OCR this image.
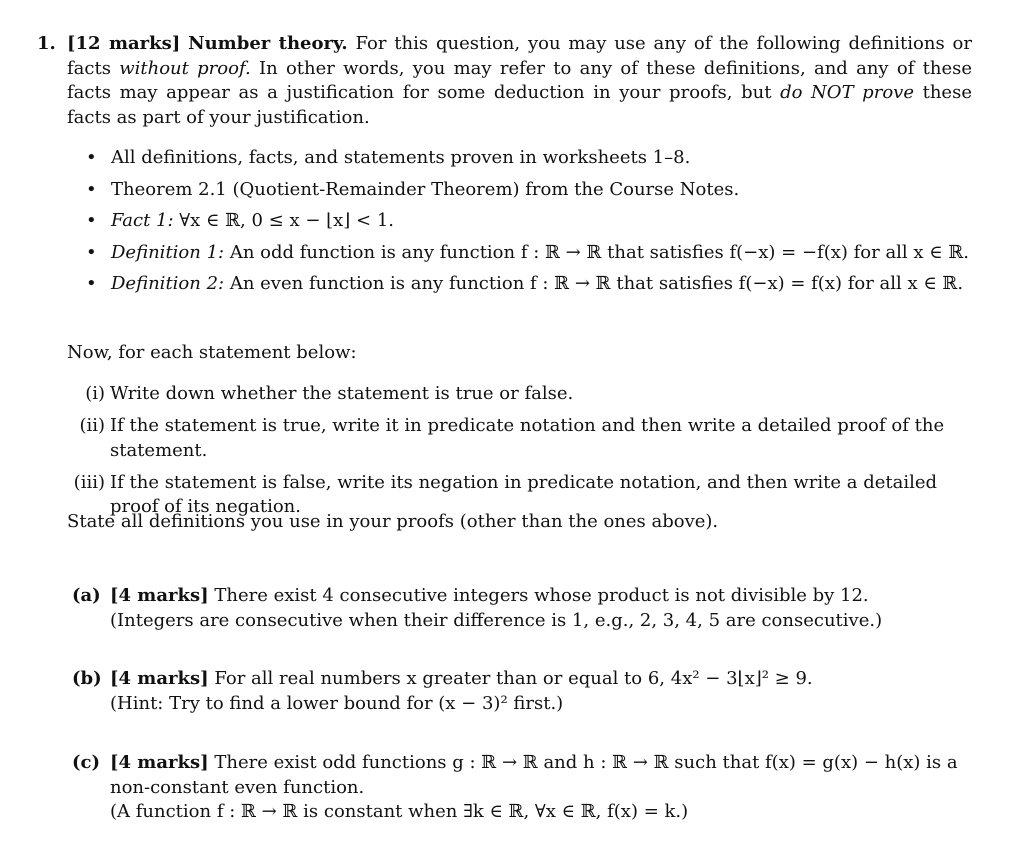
1. [12 marks] Number theory. For this question, you may use any of the following definitions or facts without proof. In other words, you may refer to any of these definitions, and any of these facts may appear as a justification for some deduction in your proofs, but do NOT prove these facts as part of your justification.
• All definitions, facts, and statements proven in worksheets 1–8.
• Theorem 2.1 (Quotient-Remainder Theorem) from the Course Notes.
• Fact 1: ∀x ∈ ℝ, 0 ≤ x − ⌊x⌋ < 1.
• Definition 1: An odd function is any function f : ℝ → ℝ that satisfies f(−x) = −f(x) for all x ∈ ℝ.
• Definition 2: An even function is any function f : ℝ → ℝ that satisfies f(−x) = f(x) for all x ∈ ℝ.
Now, for each statement below:
(i) Write down whether the statement is true or false.
(ii) If the statement is true, write it in predicate notation and then write a detailed proof of the statement.
(iii) If the statement is false, write its negation in predicate notation, and then write a detailed proof of its negation.
State all definitions you use in your proofs (other than the ones above).
(a) [4 marks] There exist 4 consecutive integers whose product is not divisible by 12.
(Integers are consecutive when their difference is 1, e.g., 2, 3, 4, 5 are consecutive.)
(b) [4 marks] For all real numbers x greater than or equal to 6, 4x² − 3⌊x⌋² ≥ 9.
(Hint: Try to find a lower bound for (x − 3)² first.)
(c) [4 marks] There exist odd functions g : ℝ → ℝ and h : ℝ → ℝ such that f(x) = g(x) − h(x) is a non-constant even function.
(A function f : ℝ → ℝ is constant when ∃k ∈ ℝ, ∀x ∈ ℝ, f(x) = k.)
